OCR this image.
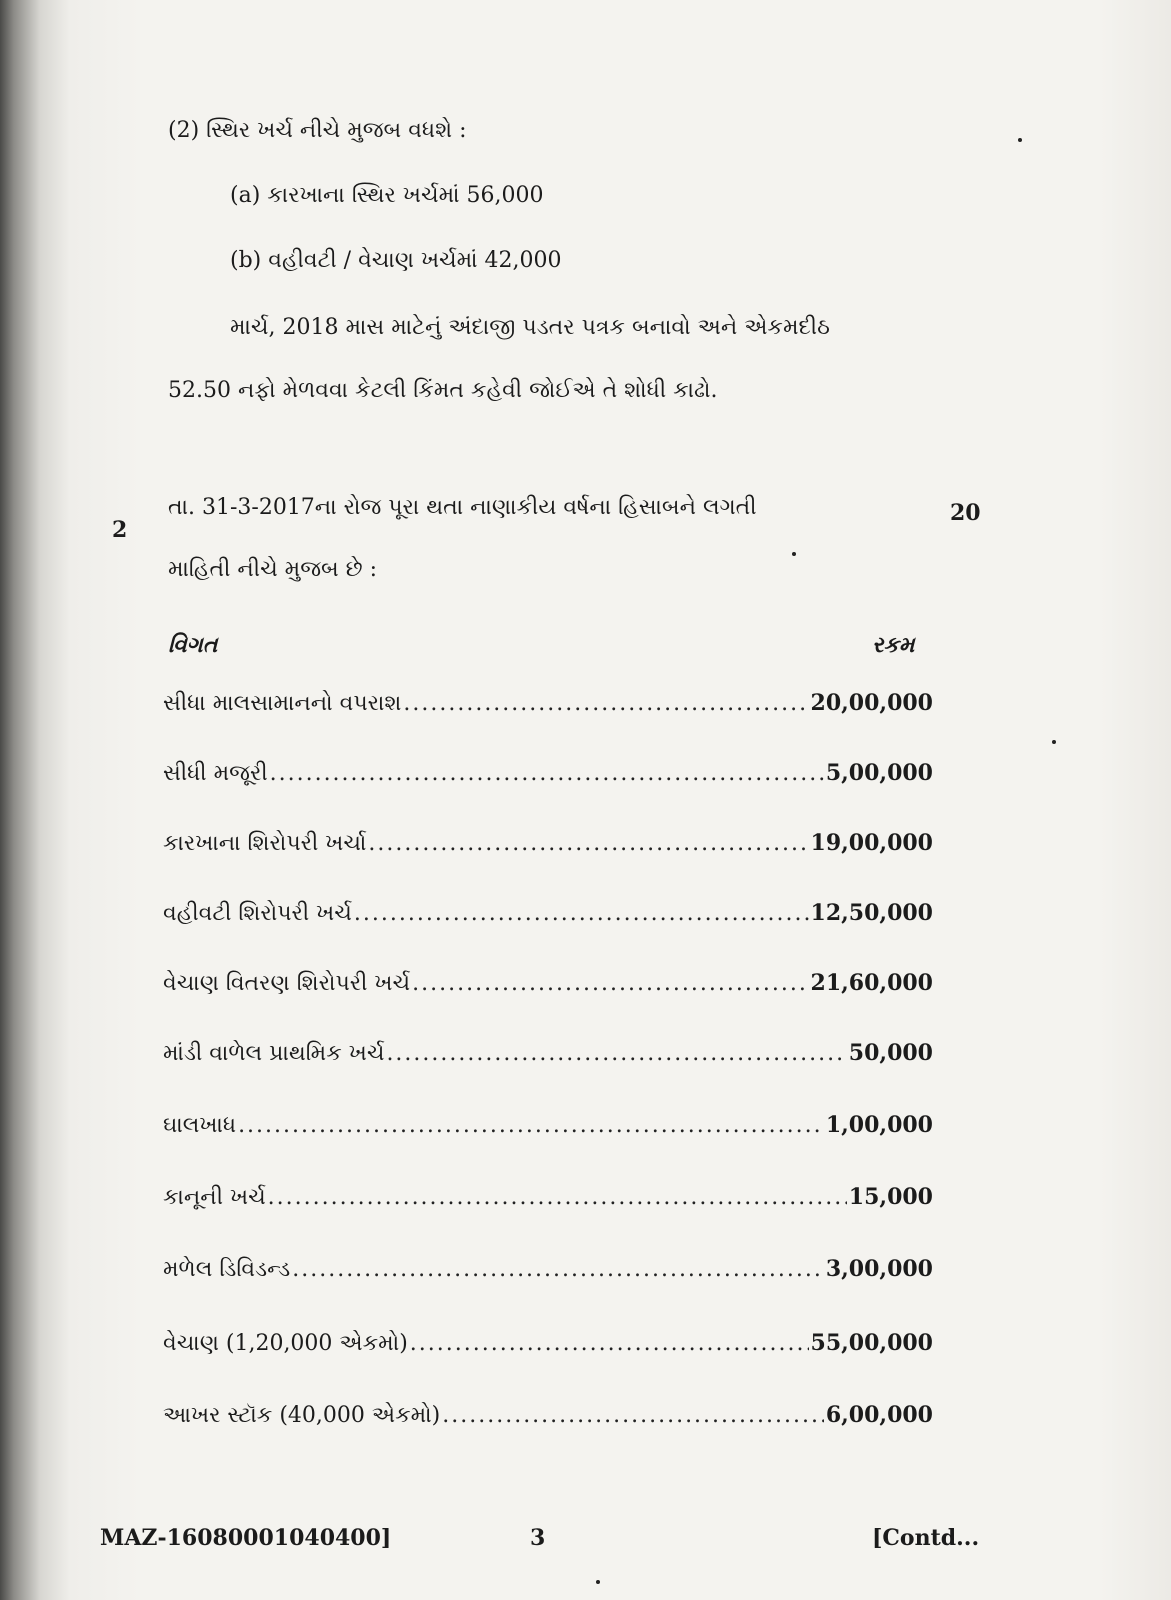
(2) સ્થિર ખર્ચ નીચે મુજબ વધશે :
(a) કારખાના સ્થિર ખર્ચમાં 56,000
(b) વહીવટી / વેચાણ ખર્ચમાં 42,000
માર્ચ, 2018 માસ માટેનું અંદાજી પડતર પત્રક બનાવો અને એકમદીઠ
52.50 નફો મેળવવા કેટલી કિંમત કહેવી જોઈએ તે શોધી કાઢો.
2
20
તા. 31-3-2017ના રોજ પૂરા થતા નાણાકીય વર્ષના હિસાબને લગતી
માહિતી નીચે મુજબ છે :
વિગત	રકમ
સીધા માલસામાનનો વપરાશ .....	20,00,000
સીધી મજૂરી .....	5,00,000
કારખાના શિરોપરી ખર્ચા .....	19,00,000
વહીવટી શિરોપરી ખર્ચ .....	12,50,000
વેચાણ વિતરણ શિરોપરી ખર્ચ .....	21,60,000
માંડી વાળેલ પ્રાથમિક ખર્ચ .....	50,000
ઘાલખાધ .....	1,00,000
કાનૂની ખર્ચ .....	15,000
મળેલ ડિવિડન્ડ .....	3,00,000
વેચાણ (1,20,000 એકમો) .....	55,00,000
આખર સ્ટૉક (40,000 એકમો) .....	6,00,000
MAZ-16080001040400]	3	[Contd...
